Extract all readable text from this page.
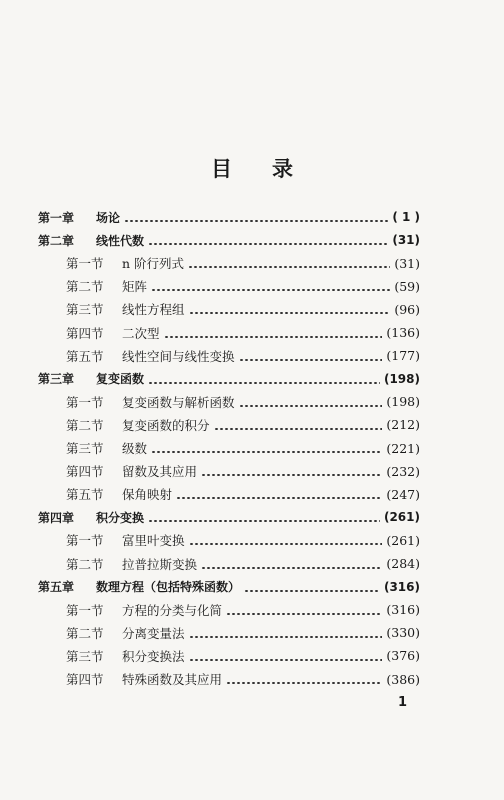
目 录
第一章	场论	( 1 )
第二章	线性代数	(31)
第一节	n 阶行列式	(31)
第二节	矩阵	(59)
第三节	线性方程组	(96)
第四节	二次型	(136)
第五节	线性空间与线性变换	(177)
第三章	复变函数	(198)
第一节	复变函数与解析函数	(198)
第二节	复变函数的积分	(212)
第三节	级数	(221)
第四节	留数及其应用	(232)
第五节	保角映射	(247)
第四章	积分变换	(261)
第一节	富里叶变换	(261)
第二节	拉普拉斯变换	(284)
第五章	数理方程（包括特殊函数）	(316)
第一节	方程的分类与化简	(316)
第二节	分离变量法	(330)
第三节	积分变换法	(376)
第四节	特殊函数及其应用	(386)
1
